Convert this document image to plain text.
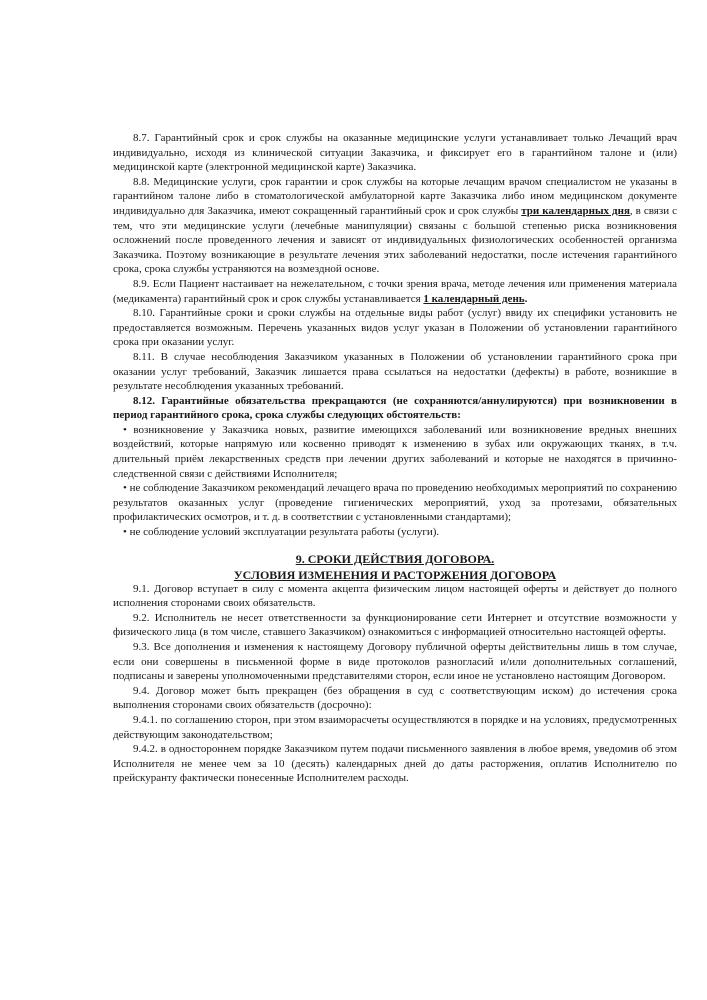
8.7. Гарантийный срок и срок службы на оказанные медицинские услуги устанавливает только Лечащий врач индивидуально, исходя из клинической ситуации Заказчика, и фиксирует его в гарантийном талоне и (или) медицинской карте (электронной медицинской карте) Заказчика.

8.8. Медицинские услуги, срок гарантии и срок службы на которые лечащим врачом специалистом не указаны в гарантийном талоне либо в стоматологической амбулаторной карте Заказчика либо ином медицинском документе индивидуально для Заказчика, имеют сокращенный гарантийный срок и срок службы три календарных дня, в связи с тем, что эти медицинские услуги (лечебные манипуляции) связаны с большой степенью риска возникновения осложнений после проведенного лечения и зависят от индивидуальных физиологических особенностей организма Заказчика. Поэтому возникающие в результате лечения этих заболеваний недостатки, после истечения гарантийного срока, срока службы устраняются на возмездной основе.

8.9. Если Пациент настаивает на нежелательном, с точки зрения врача, методе лечения или применения материала (медикамента) гарантийный срок и срок службы устанавливается 1 календарный день.

8.10. Гарантийные сроки и сроки службы на отдельные виды работ (услуг) ввиду их специфики установить не предоставляется возможным. Перечень указанных видов услуг указан в Положении об установлении гарантийного срока при оказании услуг.

8.11. В случае несоблюдения Заказчиком указанных в Положении об установлении гарантийного срока при оказании услуг требований, Заказчик лишается права ссылаться на недостатки (дефекты) в работе, возникшие в результате несоблюдения указанных требований.

8.12. Гарантийные обязательства прекращаются (не сохраняются/аннулируются) при возникновении в период гарантийного срока, срока службы следующих обстоятельств:

• возникновение у Заказчика новых, развитие имеющихся заболеваний или возникновение вредных внешних воздействий, которые напрямую или косвенно приводят к изменению в зубах или окружающих тканях, в т.ч. длительный приём лекарственных средств при лечении других заболеваний и которые не находятся в причинно-следственной связи с действиями Исполнителя;

• не соблюдение Заказчиком рекомендаций лечащего врача по проведению необходимых мероприятий по сохранению результатов оказанных услуг (проведение гигиенических мероприятий, уход за протезами, обязательных профилактических осмотров, и т. д. в соответствии с установленными стандартами);

• не соблюдение условий эксплуатации результата работы (услуги).

9. СРОКИ ДЕЙСТВИЯ ДОГОВОРА.

УСЛОВИЯ ИЗМЕНЕНИЯ И РАСТОРЖЕНИЯ ДОГОВОРА

9.1. Договор вступает в силу с момента акцепта физическим лицом настоящей оферты и действует до полного исполнения сторонами своих обязательств.

9.2. Исполнитель не несет ответственности за функционирование сети Интернет и отсутствие возможности у физического лица (в том числе, ставшего Заказчиком) ознакомиться с информацией относительно настоящей оферты.

9.3. Все дополнения и изменения к настоящему Договору публичной оферты действительны лишь в том случае, если они совершены в письменной форме в виде протоколов разногласий и/или дополнительных соглашений, подписаны и заверены уполномоченными представителями сторон, если иное не установлено настоящим Договором.

9.4. Договор может быть прекращен (без обращения в суд с соответствующим иском) до истечения срока выполнения сторонами своих обязательств (досрочно):

9.4.1. по соглашению сторон, при этом взаиморасчеты осуществляются в порядке и на условиях, предусмотренных действующим законодательством;

9.4.2. в одностороннем порядке Заказчиком путем подачи письменного заявления в любое время, уведомив об этом Исполнителя не менее чем за 10 (десять) календарных дней до даты расторжения, оплатив Исполнителю по прейскуранту фактически понесенные Исполнителем расходы.
